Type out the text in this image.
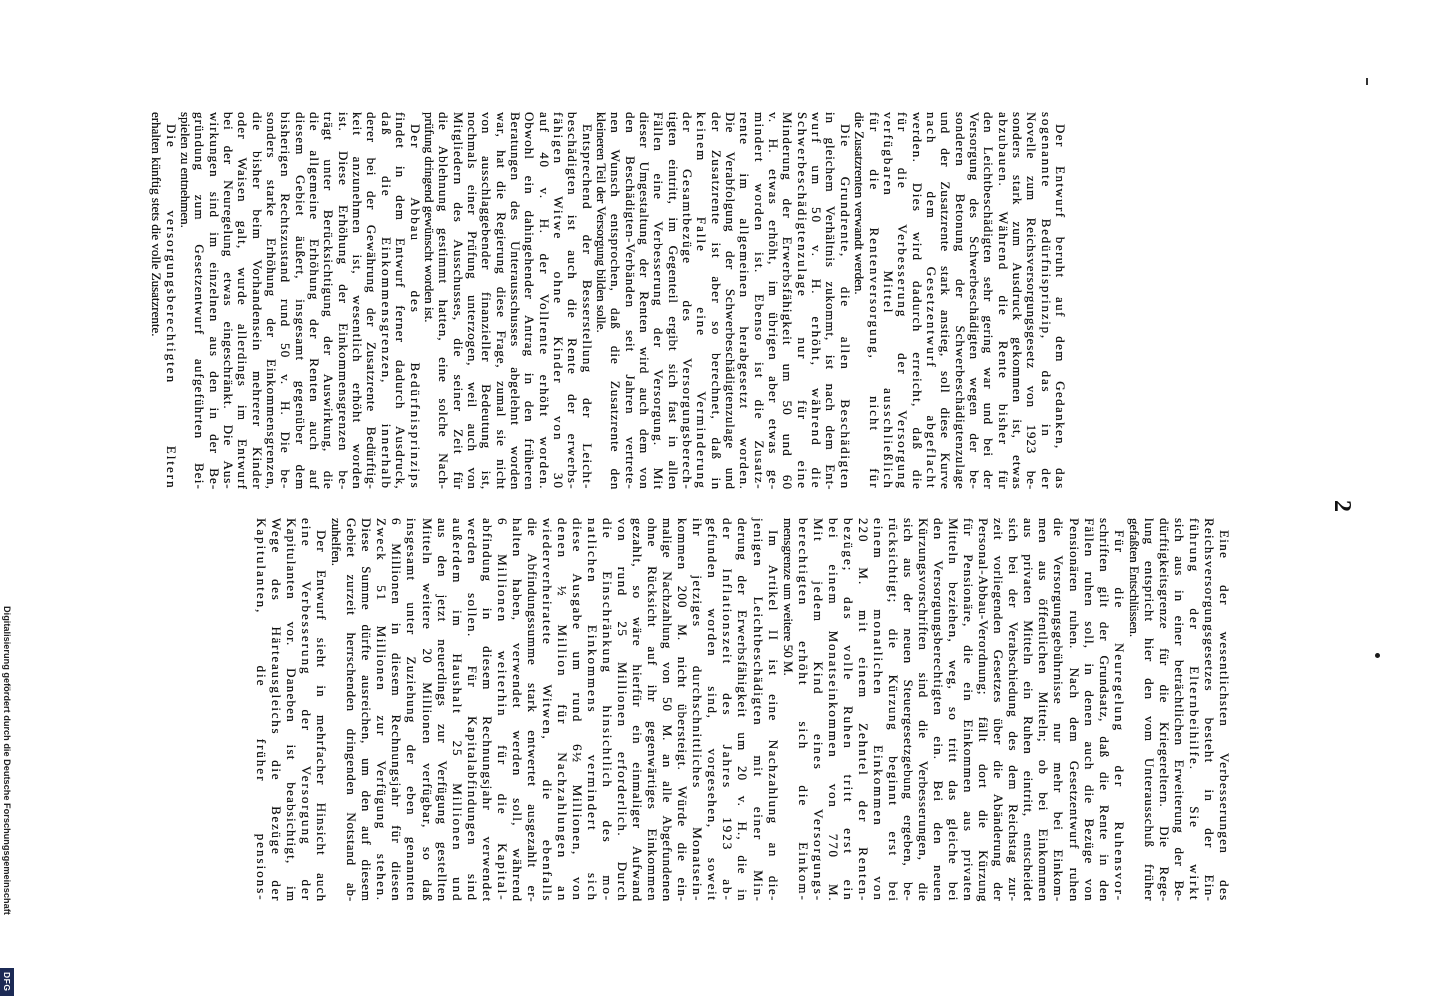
2
Der Entwurf beruht auf dem Gedanken, das
sogenannte Bedürfnisprinzip, das in der
Novelle zum Reichsversorgungsgesetz von 1923 be-
sonders stark zum Ausdruck gekommen ist, etwas
abzubauen. Während die Rente bisher für
den Leichtbeschädigten sehr gering war und bei der
Versorgung des Schwerbeschädigten wegen der be-
sonderen Betonung der Schwerbeschädigtenzulage
und der Zusatzrente stark anstieg, soll diese Kurve
nach dem Gesetzentwurf abgeflacht
werden. Dies wird dadurch erreicht, daß die
für die Verbesserung der Versorgung
verfügbaren Mittel ausschließlich
für die Rentenversorgung, nicht für
die Zusatzrenten verwandt werden.
Die Grundrente, die allen Beschädigten
in gleichem Verhältnis zukommt, ist nach dem Ent-
wurf um 50 v. H. erhöht, während die
Schwerbeschädigtenzulage nur für eine
Minderung der Erwerbsfähigkeit um 50 und 60
v. H. etwas erhöht, im übrigen aber etwas ge-
mindert worden ist. Ebenso ist die Zusatz-
rente im allgemeinen herabgesetzt worden.
Die Verabfolgung der Schwerbeschädigtenzulage und
der Zusatzrente ist aber so berechnet, daß in
keinem Falle eine Verminderung
der Gesamtbezüge des Versorgungsberech-
tigten eintritt, im Gegenteil ergibt sich fast in allen
Fällen eine Verbesserung der Versorgung. Mit
dieser Umgestaltung der Renten wird auch dem von
den Beschädigten-Verbänden seit Jahren vertrete-
nen Wunsch entsprochen, daß die Zusatzrente den
kleineren Teil der Versorgung bilden solle.
Entsprechend der Besserstellung der Leicht-
beschädigten ist auch die Rente der erwerbs-
fähigen Witwe ohne Kinder von 30
auf 40 v. H. der Vollrente erhöht worden.
Obwohl ein dahingehender Antrag in den früheren
Beratungen des Unterausschusses abgelehnt worden
war, hat die Regierung diese Frage, zumal sie nicht
von ausschlaggebender finanzieller Bedeutung ist,
nochmals einer Prüfung unterzogen, weil auch von
Mitgliedern des Ausschusses, die seiner Zeit für
die Ablehnung gestimmt hatten, eine solche Nach-
prüfung dringend gewünscht worden ist.
Der Abbau des Bedürfnisprinzips
findet in dem Entwurf ferner dadurch Ausdruck,
daß die Einkommensgrenzen, innerhalb
derer bei der Gewährung der Zusatzrente Bedürftig-
keit anzunehmen ist, wesentlich erhöht worden
ist. Diese Erhöhung der Einkommensgrenzen be-
trägt unter Berücksichtigung der Auswirkung, die
die allgemeine Erhöhung der Renten auch auf
diesem Gebiet äußert, insgesamt gegenüber dem
bisherigen Rechtszustand rund 50 v. H. Die be-
sonders starke Erhöhung der Einkommensgrenzen,
die bisher beim Vorhandensein mehrerer Kinder
oder Waisen galt, wurde allerdings im Entwurf
bei der Neuregelung etwas eingeschränkt. Die Aus-
wirkungen sind im einzelnen aus den in der Be-
gründung zum Gesetzentwurf aufgeführten Bei-
spielen zu entnehmen.
Die versorgungsberechtigten Eltern
erhalten künftig stets die volle Zusatzrente.
Eine der wesentlichsten Verbesserungen des
Reichsversorgungsgesetzes besteht in der Ein-
führung der Elternbeihilfe. Sie wirkt
sich aus in einer beträchtlichen Erweiterung der Be-
dürftigkeitsgrenze für die Kriegereltern. Die Rege-
lung entspricht hier den vom Unterausschuß früher
gefaßten Entschlüssen.
Für die Neuregelung der Ruhensvor-
schriften gilt der Grundsatz, daß die Rente in den
Fällen ruhen soll, in denen auch die Bezüge von
Pensionären ruhen. Nach dem Gesetzentwurf ruhen
die Versorgungsgebührnisse nur mehr bei Einkom-
men aus öffentlichen Mitteln; ob bei Einkommen
aus privaten Mitteln ein Ruhen eintritt, entscheidet
sich bei der Verabschiedung des dem Reichstag zur-
zeit vorliegenden Gesetzes über die Abänderung der
Personal-Abbau-Verordnung; fällt dort die Kürzung
für Pensionäre, die ein Einkommen aus privaten
Mitteln beziehen, weg, so tritt das gleiche bei
den Versorgungsberechtigten ein. Bei den neuen
Kürzungsvorschriften sind die Verbesserungen, die
sich aus der neuen Steuergesetzgebung ergeben, be-
rücksichtigt; die Kürzung beginnt erst bei
einem monatlichen Einkommen von
220 M. mit einem Zehntel der Renten-
bezüge; das volle Ruhen tritt erst ein
bei einem Monatseinkommen von 770 M.
Mit jedem Kind eines Versorgungs-
berechtigten erhöht sich die Einkom-
mensgrenze um weitere 50 M.
Im Artikel II ist eine Nachzahlung an die-
jenigen Leichtbeschädigten mit einer Min-
derung der Erwerbsfähigkeit um 20 v. H., die in
der Inflationszeit des Jahres 1923 ab-
gefunden worden sind, vorgesehen, soweit
ihr jetziges durchschnittliches Monatsein-
kommen 200 M. nicht übersteigt. Würde die ein-
malige Nachzahlung von 50 M. an alle Abgefundenen
ohne Rücksicht auf ihr gegenwärtiges Einkommen
gezahlt, so wäre hierfür ein einmaliger Aufwand
von rund 25 Millionen erforderlich. Durch
die Einschränkung hinsichtlich des mo-
natlichen Einkommens vermindert sich
diese Ausgabe um rund 6½ Millionen, von
denen ½ Million für Nachzahlungen an
wiederverheiratete Witwen, die ebenfalls
die Abfindungssumme stark entwertet ausgezahlt er-
halten haben, verwendet werden soll, während
6 Millionen weiterhin für die Kapital-
abfindung in diesem Rechnungsjahr verwendet
werden sollen. Für Kapitalabfindungen sind
außerdem im Haushalt 25 Millionen und
aus den jetzt neuerdings zur Verfügung gestellten
Mitteln weitere 20 Millionen verfügbar, so daß
insgesamt unter Zuziehung der eben genannten
6 Millionen in diesem Rechnungsjahr für diesen
Zweck 51 Millionen zur Verfügung stehen.
Diese Summe dürfte ausreichen, um den auf diesem
Gebiet zurzeit herrschenden dringenden Notstand ab-
zuhelfen.
Der Entwurf sieht in mehrfacher Hinsicht auch
eine Verbesserung der Versorgung der
Kapitulanten vor. Daneben ist beabsichtigt, im
Wege des Härteausgleichs die Bezüge der
Kapitulanten, die früher pensions-
Digitalisierung gefördert durch die Deutsche Forschungsgemeinschaft
DFG
